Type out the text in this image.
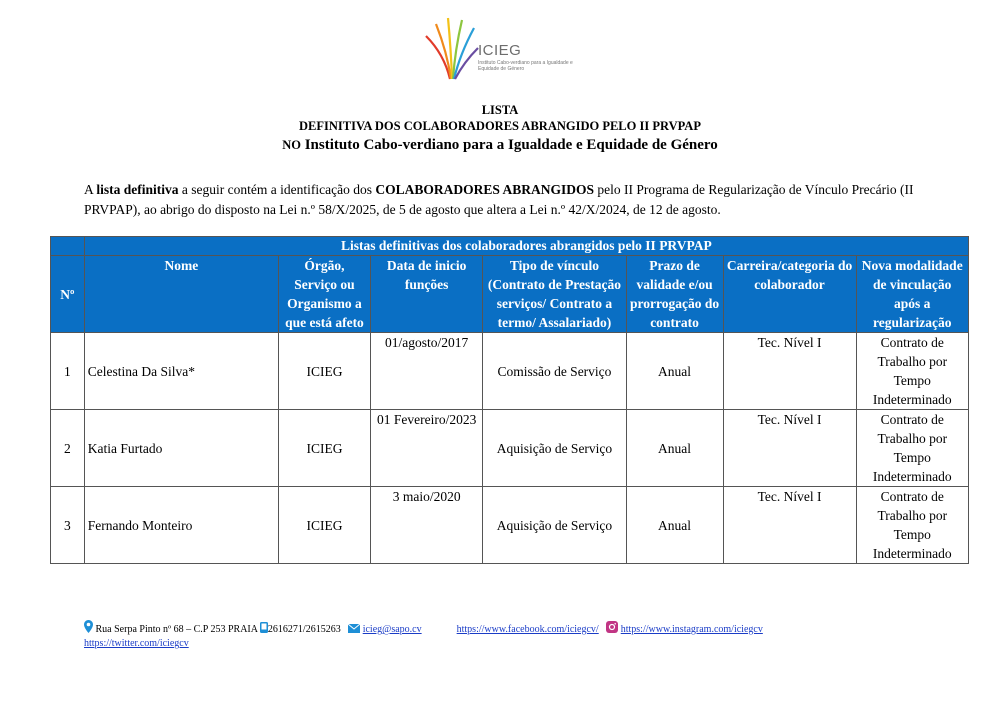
ICIEG
Instituto Cabo-verdiano para a Igualdade e Equidade de Género
LISTA
DEFINITIVA DOS COLABORADORES ABRANGIDO PELO II PRVPAP
NO Instituto Cabo-verdiano para a Igualdade e Equidade de Género
A lista definitiva a seguir contém a identificação dos COLABORADORES ABRANGIDOS pelo II Programa de Regularização de Vínculo Precário (II PRVPAP), ao abrigo do disposto na Lei n.º 58/X/2025, de 5 de agosto que altera a Lei n.º 42/X/2024, de 12 de agosto.
	Listas definitivas dos colaboradores abrangidos pelo II PRVPAP						
Nº	Nome	Órgão, Serviço ou Organismo a que está afeto	Data de inicio funções	Tipo de vínculo (Contrato de Prestação serviços/ Contrato a termo/ Assalariado)	Prazo de validade e/ou prorrogação do contrato	Carreira/categoria do colaborador	Nova modalidade de vinculação após a regularização
1	Celestina Da Silva*	ICIEG	01/agosto/2017	Comissão de Serviço	Anual	Tec. Nível I	Contrato de Trabalho por Tempo Indeterminado
2	Katia Furtado	ICIEG	01 Fevereiro/2023	Aquisição de Serviço	Anual	Tec. Nível I	Contrato de Trabalho por Tempo Indeterminado
3	Fernando Monteiro	ICIEG	3 maio/2020	Aquisição de Serviço	Anual	Tec. Nível I	Contrato de Trabalho por Tempo Indeterminado
Rua Serpa Pinto nº 68 – C.P 253 PRAIA 2616271/2615263 icieg@sapo.cv	https://www.facebook.com/iciegcv/ https://www.instagram.com/iciegcv
https://twitter.com/iciegcv
